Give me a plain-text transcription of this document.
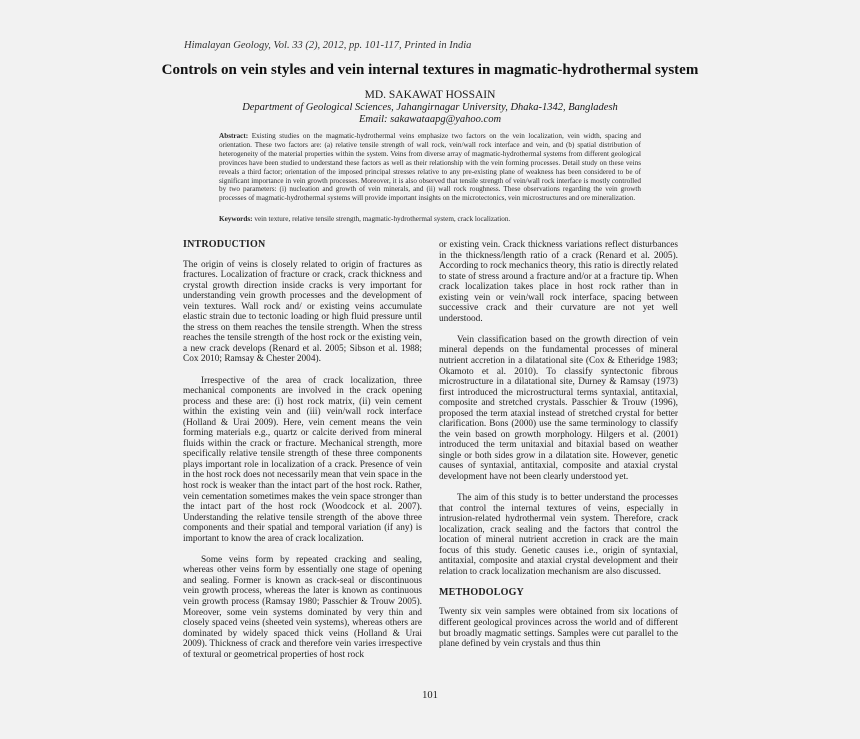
Himalayan Geology, Vol. 33 (2), 2012, pp. 101-117, Printed in India
Controls on vein styles and vein internal textures in magmatic-hydrothermal system
MD. SAKAWAT HOSSAIN
Department of Geological Sciences, Jahangirnagar University, Dhaka-1342, Bangladesh
Email: sakawataapg@yahoo.com
Abstract: Existing studies on the magmatic-hydrothermal veins emphasize two factors on the vein localization, vein width, spacing and orientation. These two factors are: (a) relative tensile strength of wall rock, vein/wall rock interface and vein, and (b) spatial distribution of heterogeneity of the material properties within the system. Veins from diverse array of magmatic-hydrothermal systems from different geological provinces have been studied to understand these factors as well as their relationship with the vein forming processes. Detail study on these veins reveals a third factor; orientation of the imposed principal stresses relative to any pre-existing plane of weakness has been considered to be of significant importance in vein growth processes. Moreover, it is also observed that tensile strength of vein/wall rock interface is mostly controlled by two parameters: (i) nucleation and growth of vein minerals, and (ii) wall rock roughness. These observations regarding the vein growth processes of magmatic-hydrothermal systems will provide important insights on the microtectonics, vein microstructures and ore mineralization.
Keywords: vein texture, relative tensile strength, magmatic-hydrothermal system, crack localization.
INTRODUCTION

The origin of veins is closely related to origin of fractures as fractures. Localization of fracture or crack, crack thickness and crystal growth direction inside cracks is very important for understanding vein growth processes and the development of vein textures. Wall rock and/ or existing veins accumulate elastic strain due to tectonic loading or high fluid pressure until the stress on them reaches the tensile strength. When the stress reaches the tensile strength of the host rock or the existing vein, a new crack develops (Renard et al. 2005; Sibson et al. 1988; Cox 2010; Ramsay & Chester 2004).

Irrespective of the area of crack localization, three mechanical components are involved in the crack opening process and these are: (i) host rock matrix, (ii) vein cement within the existing vein and (iii) vein/wall rock interface (Holland & Urai 2009). Here, vein cement means the vein forming materials e.g., quartz or calcite derived from mineral fluids within the crack or fracture. Mechanical strength, more specifically relative tensile strength of these three components plays important role in localization of a crack. Presence of vein in the host rock does not necessarily mean that vein space in the host rock is weaker than the intact part of the host rock. Rather, vein cementation sometimes makes the vein space stronger than the intact part of the host rock (Woodcock et al. 2007). Understanding the relative tensile strength of the above three components and their spatial and temporal variation (if any) is important to know the area of crack localization.

Some veins form by repeated cracking and sealing, whereas other veins form by essentially one stage of opening and sealing. Former is known as crack-seal or discontinuous vein growth process, whereas the later is known as continuous vein growth process (Ramsay 1980; Passchier & Trouw 2005). Moreover, some vein systems dominated by very thin and closely spaced veins (sheeted vein systems), whereas others are dominated by widely spaced thick veins (Holland & Urai 2009). Thickness of crack and therefore vein varies irrespective of textural or geometrical properties of host rock

or existing vein. Crack thickness variations reflect disturbances in the thickness/length ratio of a crack (Renard et al. 2005). According to rock mechanics theory, this ratio is directly related to state of stress around a fracture and/or at a fracture tip. When crack localization takes place in host rock rather than in existing vein or vein/wall rock interface, spacing between successive crack and their curvature are not yet well understood.

Vein classification based on the growth direction of vein mineral depends on the fundamental processes of mineral nutrient accretion in a dilatational site (Cox & Etheridge 1983; Okamoto et al. 2010). To classify syntectonic fibrous microstructure in a dilatational site, Durney & Ramsay (1973) first introduced the microstructural terms syntaxial, antitaxial, composite and stretched crystals. Passchier & Trouw (1996), proposed the term ataxial instead of stretched crystal for better clarification. Bons (2000) use the same terminology to classify the vein based on growth morphology. Hilgers et al. (2001) introduced the term unitaxial and bitaxial based on weather single or both sides grow in a dilatation site. However, genetic causes of syntaxial, antitaxial, composite and ataxial crystal development have not been clearly understood yet.

The aim of this study is to better understand the processes that control the internal textures of veins, especially in intrusion-related hydrothermal vein system. Therefore, crack localization, crack sealing and the factors that control the location of mineral nutrient accretion in crack are the main focus of this study. Genetic causes i.e., origin of syntaxial, antitaxial, composite and ataxial crystal development and their relation to crack localization mechanism are also discussed.

METHODOLOGY

Twenty six vein samples were obtained from six locations of different geological provinces across the world and of different but broadly magmatic settings. Samples were cut parallel to the plane defined by vein crystals and thus thin

101
